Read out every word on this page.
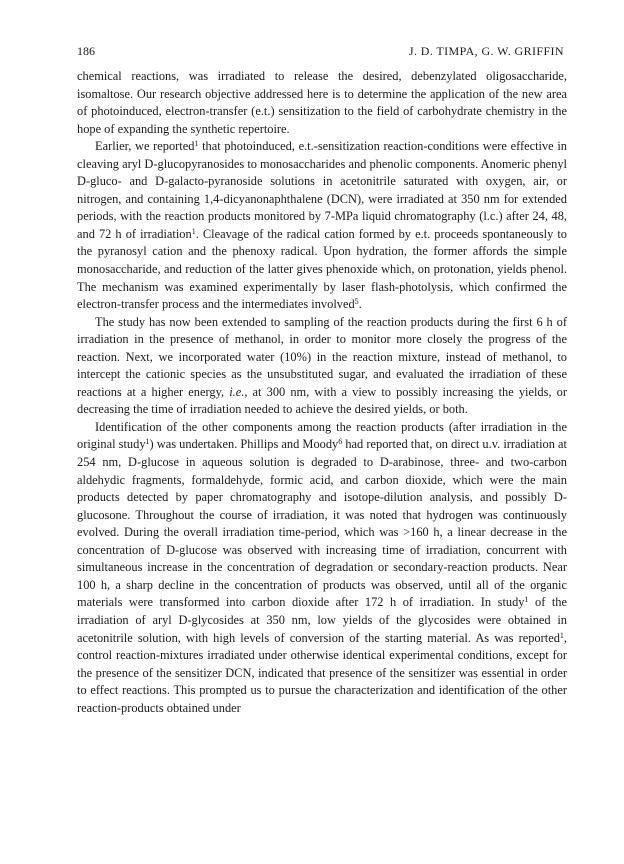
186	J. D. TIMPA, G. W. GRIFFIN

chemical reactions, was irradiated to release the desired, debenzylated oligosaccharide, isomaltose. Our research objective addressed here is to determine the application of the new area of photoinduced, electron-transfer (e.t.) sensitization to the field of carbohydrate chemistry in the hope of expanding the synthetic repertoire.

Earlier, we reported$^1$ that photoinduced, e.t.-sensitization reaction-conditions were effective in cleaving aryl D-glucopyranosides to monosaccharides and phenolic components. Anomeric phenyl D-gluco- and D-galacto-pyranoside solutions in acetonitrile saturated with oxygen, air, or nitrogen, and containing 1,4-dicyanonaphthalene (DCN), were irradiated at 350 nm for extended periods, with the reaction products monitored by 7-MPa liquid chromatography (l.c.) after 24, 48, and 72 h of irradiation$^1$. Cleavage of the radical cation formed by e.t. proceeds spontaneously to the pyranosyl cation and the phenoxy radical. Upon hydration, the former affords the simple monosaccharide, and reduction of the latter gives phenoxide which, on protonation, yields phenol. The mechanism was examined experimentally by laser flash-photolysis, which confirmed the electron-transfer process and the intermediates involved$^5$.

The study has now been extended to sampling of the reaction products during the first 6 h of irradiation in the presence of methanol, in order to monitor more closely the progress of the reaction. Next, we incorporated water (10%) in the reaction mixture, instead of methanol, to intercept the cationic species as the unsubstituted sugar, and evaluated the irradiation of these reactions at a higher energy, i.e., at 300 nm, with a view to possibly increasing the yields, or decreasing the time of irradiation needed to achieve the desired yields, or both.

Identification of the other components among the reaction products (after irradiation in the original study$^1$) was undertaken. Phillips and Moody$^6$ had reported that, on direct u.v. irradiation at 254 nm, D-glucose in aqueous solution is degraded to D-arabinose, three- and two-carbon aldehydic fragments, formaldehyde, formic acid, and carbon dioxide, which were the main products detected by paper chromatography and isotope-dilution analysis, and possibly D-glucosone. Throughout the course of irradiation, it was noted that hydrogen was continuously evolved. During the overall irradiation time-period, which was >160 h, a linear decrease in the concentration of D-glucose was observed with increasing time of irradiation, concurrent with simultaneous increase in the concentration of degradation or secondary-reaction products. Near 100 h, a sharp decline in the concentration of products was observed, until all of the organic materials were transformed into carbon dioxide after 172 h of irradiation. In study$^1$ of the irradiation of aryl D-glycosides at 350 nm, low yields of the glycosides were obtained in acetonitrile solution, with high levels of conversion of the starting material. As was reported$^1$, control reaction-mixtures irradiated under otherwise identical experimental conditions, except for the presence of the sensitizer DCN, indicated that presence of the sensitizer was essential in order to effect reactions. This prompted us to pursue the characterization and identification of the other reaction-products obtained under
